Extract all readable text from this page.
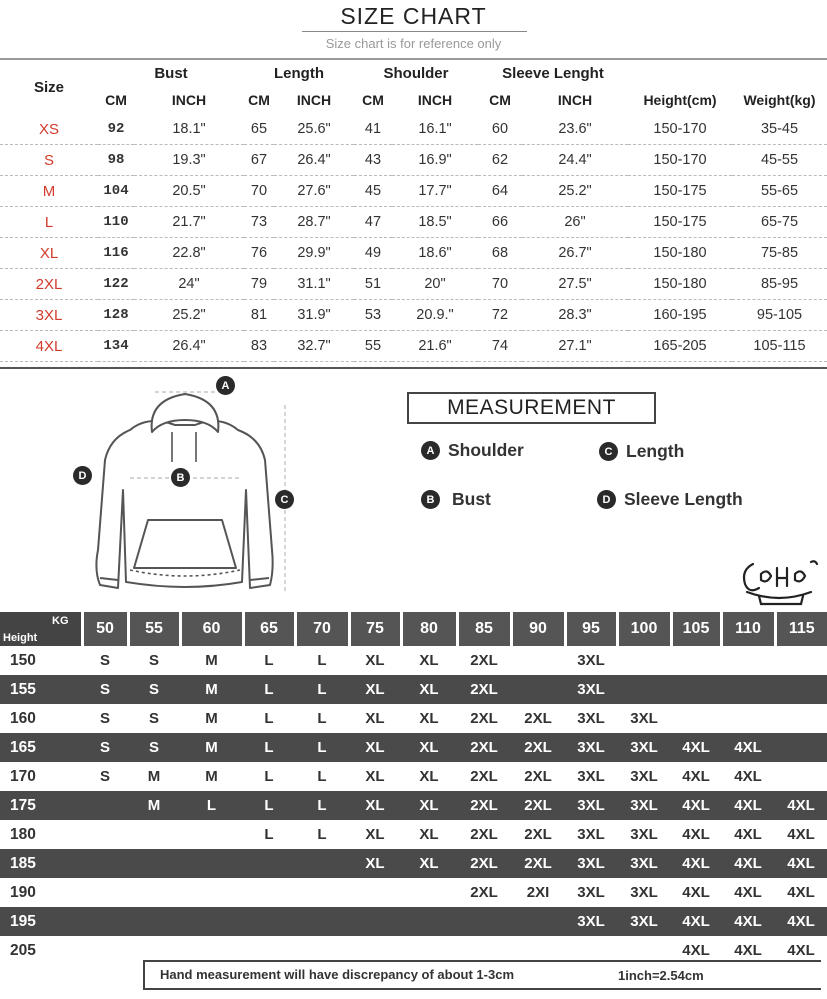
SIZE CHART
Size chart is for reference only
Size	Bust		Length		Shoulder		Sleeve Lenght			
	CM	INCH	CM	INCH	CM	INCH	CM	INCH	Height(cm)	Weight(kg)
XS	92	18.1"	65	25.6"	41	16.1"	60	23.6"	150-170	35-45
S	98	19.3"	67	26.4"	43	16.9"	62	24.4"	150-170	45-55
M	104	20.5"	70	27.6"	45	17.7"	64	25.2"	150-175	55-65
L	110	21.7"	73	28.7"	47	18.5"	66	26"	150-175	65-75
XL	116	22.8"	76	29.9"	49	18.6"	68	26.7"	150-180	75-85
2XL	122	24"	79	31.1"	51	20"	70	27.5"	150-180	85-95
3XL	128	25.2"	81	31.9"	53	20.9."	72	28.3"	160-195	95-105
4XL	134	26.4"	83	32.7"	55	21.6"	74	27.1"	165-205	105-115
A
B
C
D
MEASUREMENT
A Shoulder	C Length
B	Bust	D Sleeve Length
KG
Height	50	55	60	65	70	75	80	85	90	95	100	105	110	115
150	S	S	M	L	L	XL	XL	2XL		3XL				
155	S	S	M	L	L	XL	XL	2XL		3XL				
160	S	S	M	L	L	XL	XL	2XL	2XL	3XL	3XL			
165	S	S	M	L	L	XL	XL	2XL	2XL	3XL	3XL	4XL	4XL	
170	S	M	M	L	L	XL	XL	2XL	2XL	3XL	3XL	4XL	4XL	
175		M	L	L	L	XL	XL	2XL	2XL	3XL	3XL	4XL	4XL	4XL
180				L	L	XL	XL	2XL	2XL	3XL	3XL	4XL	4XL	4XL
185						XL	XL	2XL	2XL	3XL	3XL	4XL	4XL	4XL
190								2XL	2XI	3XL	3XL	4XL	4XL	4XL
195										3XL	3XL	4XL	4XL	4XL
205												4XL	4XL	4XL
Hand measurement will have discrepancy of about 1-3cm	1inch=2.54cm
